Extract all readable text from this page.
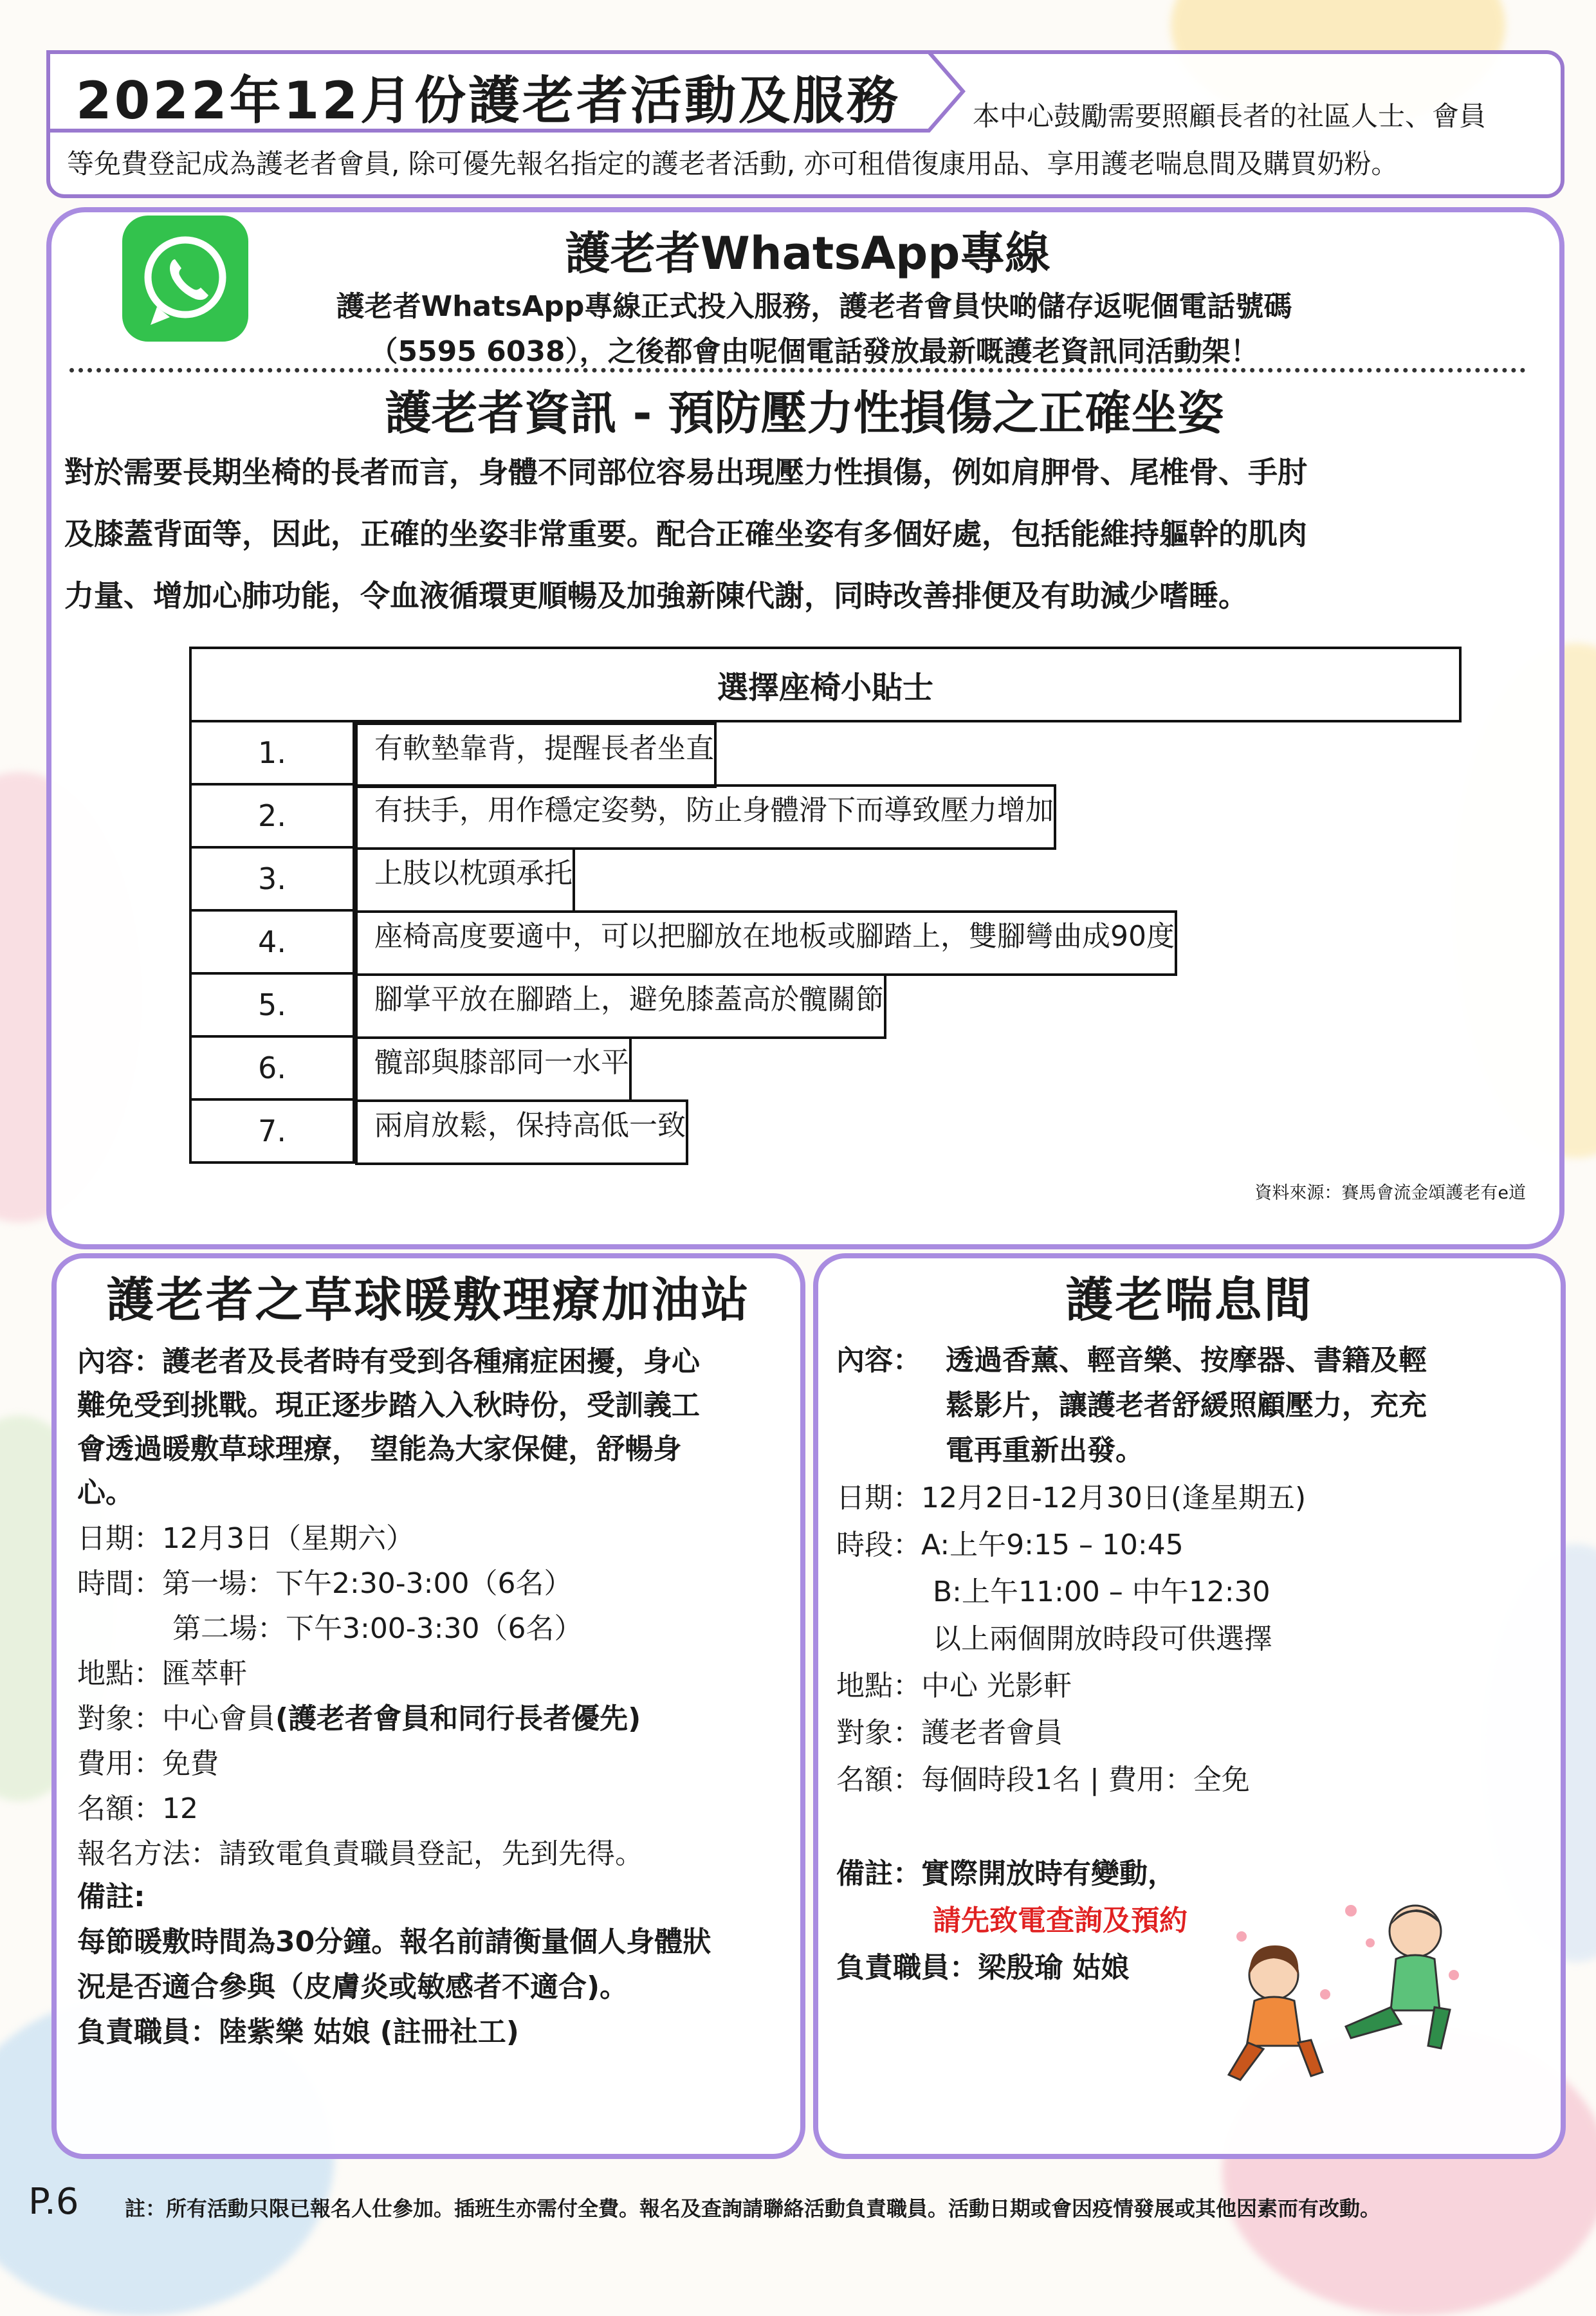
2022年12月份護老者活動及服務	本中心鼓勵需要照顧長者的社區人士、會員
等免費登記成為護老者會員, 除可優先報名指定的護老者活動, 亦可租借復康用品、享用護老喘息間及購買奶粉。
護老者WhatsApp專線
護老者WhatsApp專線正式投入服務，護老者會員快啲儲存返呢個電話號碼
（5595 6038），之後都會由呢個電話發放最新嘅護老資訊同活動架！
護老者資訊 - 預防壓力性損傷之正確坐姿
對於需要長期坐椅的長者而言，身體不同部位容易出現壓力性損傷，例如肩胛骨、尾椎骨、手肘
及膝蓋背面等，因此，正確的坐姿非常重要。配合正確坐姿有多個好處，包括能維持軀幹的肌肉
力量、增加心肺功能，令血液循環更順暢及加強新陳代謝，同時改善排便及有助減少嗜睡。
選擇座椅小貼士
1.		有軟墊靠背，提醒長者坐直

2.		有扶手，用作穩定姿勢，防止身體滑下而導致壓力增加

3.		上肢以枕頭承托

4.		座椅高度要適中，可以把腳放在地板或腳踏上，雙腳彎曲成90度

5.		腳掌平放在腳踏上，避免膝蓋高於髖關節

6.		髖部與膝部同一水平

7.		兩肩放鬆，保持高低一致
資料來源：賽馬會流金頌護老有e道
護老者之草球暖敷理療加油站
內容：護老者及長者時有受到各種痛症困擾，身心
難免受到挑戰。現正逐步踏入入秋時份，受訓義工
會透過暖敷草球理療， 望能為大家保健，舒暢身
心。
日期：12月3日（星期六）
時間：第一場：下午2:30-3:00（6名）
第二場：下午3:00-3:30（6名）
地點：匯萃軒
對象：中心會員(護老者會員和同行長者優先)
費用：免費
名額：12
報名方法：請致電負責職員登記，先到先得。
備註:
每節暖敷時間為30分鐘。報名前請衡量個人身體狀
況是否適合參與（皮膚炎或敏感者不適合)。
負責職員：陸紫樂 姑娘 (註冊社工)
護老喘息間
內容： 透過香薰、輕音樂、按摩器、書籍及輕
鬆影片，讓護老者舒緩照顧壓力，充充
電再重新出發。
日期：12月2日-12月30日(逢星期五)
時段：A:上午9:15 – 10:45
B:上午11:00 – 中午12:30
以上兩個開放時段可供選擇
地點：中心 光影軒
對象：護老者會員
名額：每個時段1名 | 費用：全免
備註：實際開放時有變動，
請先致電查詢及預約
負責職員：梁殷瑜 姑娘
P.6 註：所有活動只限已報名人仕參加。插班生亦需付全費。報名及查詢請聯絡活動負責職員。活動日期或會因疫情發展或其他因素而有改動。
